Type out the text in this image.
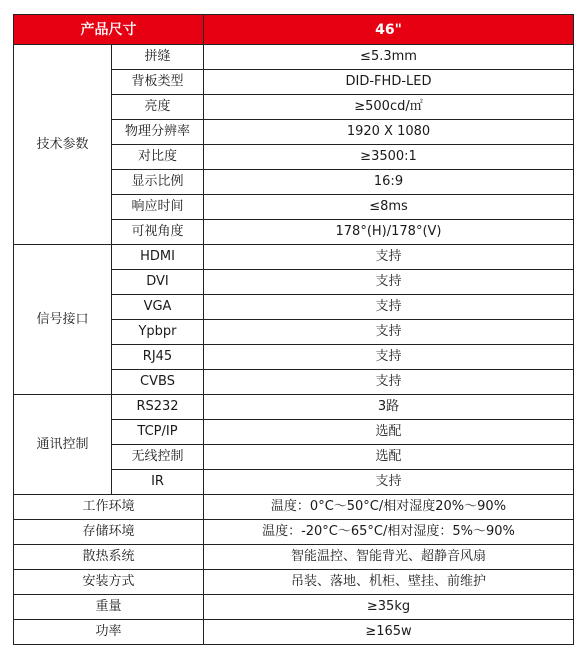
产品尺寸		46"
技术参数	拼缝	≤5.3mm
	背板类型	DID-FHD-LED
	亮度	≥500cd/㎡
	物理分辨率	1920 X 1080
	对比度	≥3500:1
	显示比例	16:9
	响应时间	≤8ms
	可视角度	178°(H)/178°(V)
信号接口	HDMI	支持
	DVI	支持
	VGA	支持
	Ypbpr	支持
	RJ45	支持
	CVBS	支持
通讯控制	RS232	3路
	TCP/IP	选配
	无线控制	选配
	IR	支持
工作环境		温度：0°C～50°C/相对湿度20%～90%
存储环境		温度：-20°C～65°C/相对湿度：5%～90%
散热系统		智能温控、智能背光、超静音风扇
安装方式		吊装、落地、机柜、壁挂、前维护
重量		≥35kg
功率		≥165w
